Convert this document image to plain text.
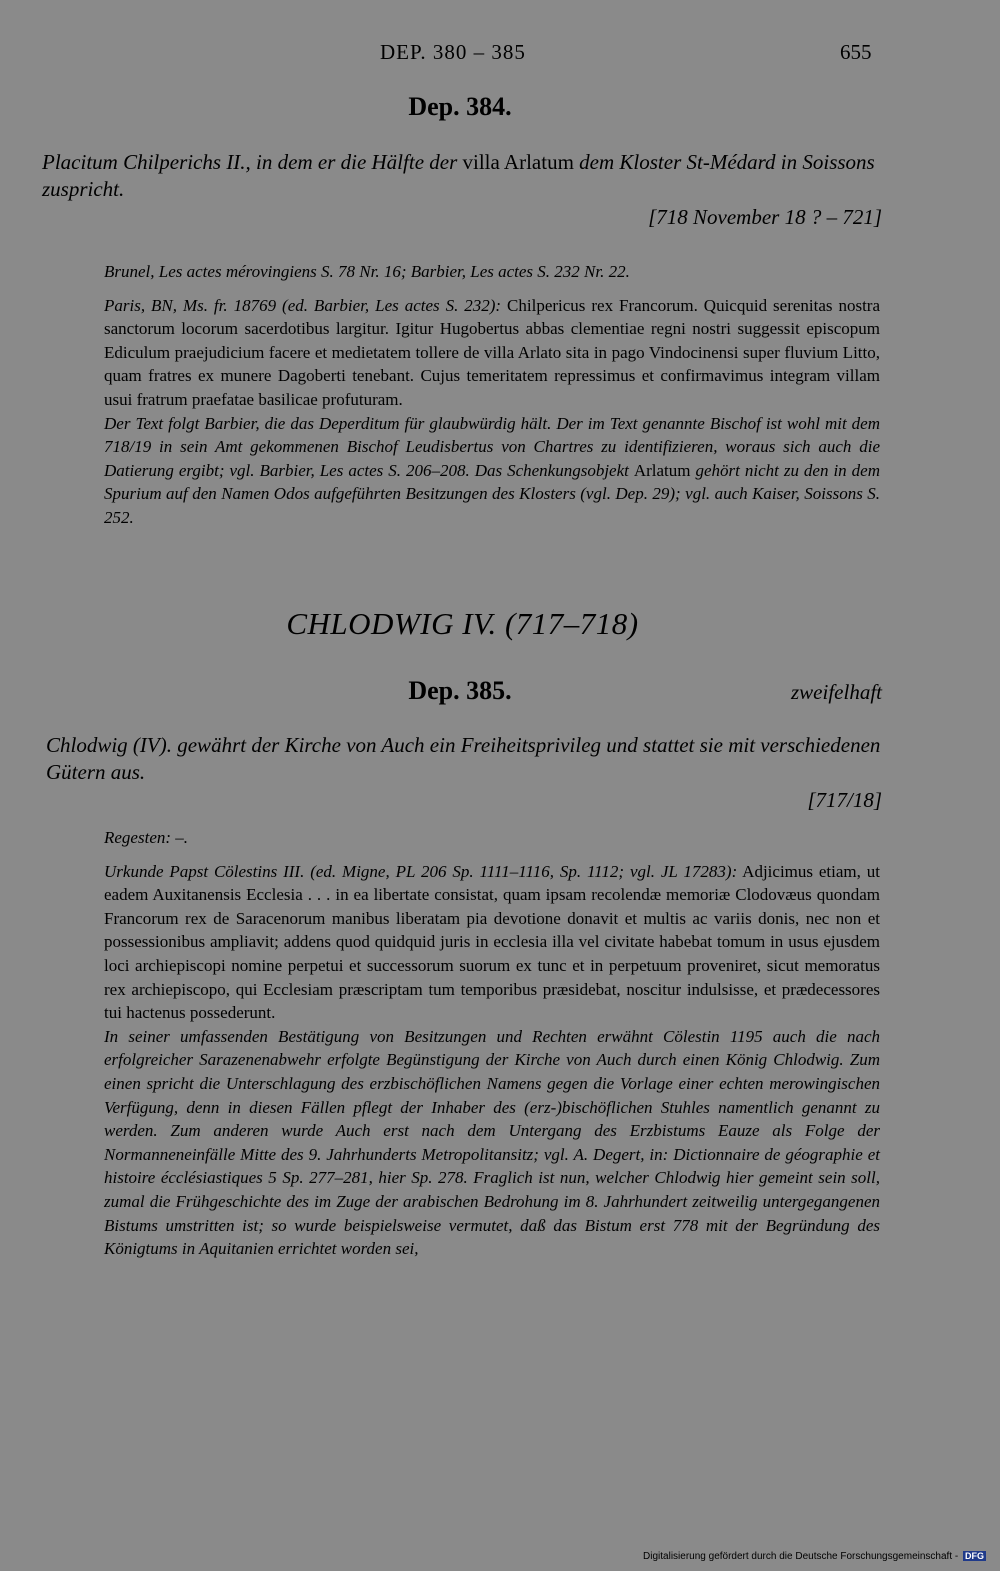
DEP. 380 – 385	655
Dep. 384.
Placitum Chilperichs II., in dem er die Hälfte der villa Arlatum dem Kloster St-Médard in Soissons zuspricht.
[718 November 18 ? – 721]

Brunel, Les actes mérovingiens S. 78 Nr. 16; Barbier, Les actes S. 232 Nr. 22.

Paris, BN, Ms. fr. 18769 (ed. Barbier, Les actes S. 232): Chilpericus rex Francorum. Quicquid serenitas nostra sanctorum locorum sacerdotibus largitur. Igitur Hugobertus abbas clementiae regni nostri suggessit episcopum Ediculum praejudicium facere et medietatem tollere de villa Arlato sita in pago Vindocinensi super fluvium Litto, quam fratres ex munere Dagoberti tenebant. Cujus temeritatem repressimus et confirmavimus integram villam usui fratrum praefatae basilicae profuturam.

Der Text folgt Barbier, die das Deperditum für glaubwürdig hält. Der im Text genannte Bischof ist wohl mit dem 718/19 in sein Amt gekommenen Bischof Leudisbertus von Chartres zu identifizieren, woraus sich auch die Datierung ergibt; vgl. Barbier, Les actes S. 206–208. Das Schenkungsobjekt Arlatum gehört nicht zu den in dem Spurium auf den Namen Odos aufgeführten Besitzungen des Klosters (vgl. Dep. 29); vgl. auch Kaiser, Soissons S. 252.

CHLODWIG IV. (717–718)
Dep. 385.	zweifelhaft
Chlodwig (IV). gewährt der Kirche von Auch ein Freiheitsprivileg und stattet sie mit verschiedenen Gütern aus.
[717/18]

Regesten: –.

Urkunde Papst Cölestins III. (ed. Migne, PL 206 Sp. 1111–1116, Sp. 1112; vgl. JL 17283): Adjicimus etiam, ut eadem Auxitanensis Ecclesia . . . in ea libertate consistat, quam ipsam recolendæ memoriæ Clodovæus quondam Francorum rex de Saracenorum manibus liberatam pia devotione donavit et multis ac variis donis, nec non et possessionibus ampliavit; addens quod quidquid juris in ecclesia illa vel civitate habebat tomum in usus ejusdem loci archiepiscopi nomine perpetui et successorum suorum ex tunc et in perpetuum proveniret, sicut memoratus rex archiepiscopo, qui Ecclesiam præscriptam tum temporibus præsidebat, noscitur indulsisse, et prædecessores tui hactenus possederunt.

In seiner umfassenden Bestätigung von Besitzungen und Rechten erwähnt Cölestin 1195 auch die nach erfolgreicher Sarazenenabwehr erfolgte Begünstigung der Kirche von Auch durch einen König Chlodwig. Zum einen spricht die Unterschlagung des erzbischöflichen Namens gegen die Vorlage einer echten merowingischen Verfügung, denn in diesen Fällen pflegt der Inhaber des (erz-)bischöflichen Stuhles namentlich genannt zu werden. Zum anderen wurde Auch erst nach dem Untergang des Erzbistums Eauze als Folge der Normanneneinfälle Mitte des 9. Jahrhunderts Metropolitansitz; vgl. A. Degert, in: Dictionnaire de géographie et histoire écclésiastiques 5 Sp. 277–281, hier Sp. 278. Fraglich ist nun, welcher Chlodwig hier gemeint sein soll, zumal die Frühgeschichte des im Zuge der arabischen Bedrohung im 8. Jahrhundert zeitweilig untergegangenen Bistums umstritten ist; so wurde beispielsweise vermutet, daß das Bistum erst 778 mit der Begründung des Königtums in Aquitanien errichtet worden sei,

Digitalisierung gefördert durch die Deutsche Forschungsgemeinschaft - DFG
